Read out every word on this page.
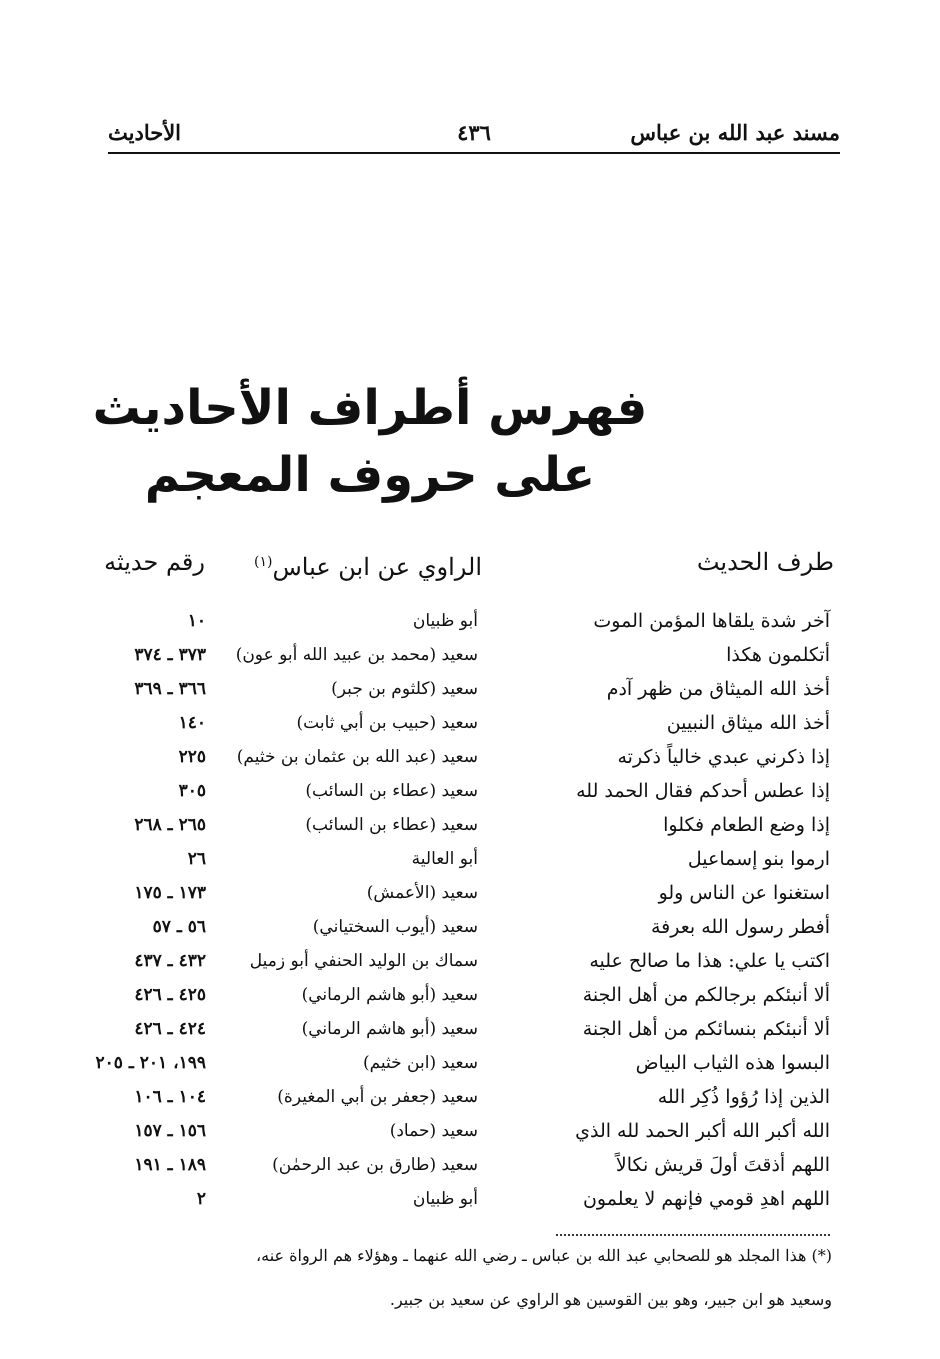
مسند عبد الله بن عباس
٤٣٦
الأحاديث
فهرس أطراف الأحاديث
على حروف المعجم
طرف الحديث
الراوي عن ابن عباس$^{(١)}$
رقم حديثه
آخر شدة يلقاها المؤمن الموت
أبو ظبيان
١٠
أتكلمون هكذا
سعيد (محمد بن عبيد الله أبو عون)
٣٧٣ ـ ٣٧٤
أخذ الله الميثاق من ظهر آدم
سعيد (كلثوم بن جبر)
٣٦٦ ـ ٣٦٩
أخذ الله ميثاق النبيين
سعيد (حبيب بن أبي ثابت)
١٤٠
إذا ذكرني عبدي خالياً ذكرته
سعيد (عبد الله بن عثمان بن خثيم)
٢٢٥
إذا عطس أحدكم فقال الحمد لله
سعيد (عطاء بن السائب)
٣٠٥
إذا وضع الطعام فكلوا
سعيد (عطاء بن السائب)
٢٦٥ ـ ٢٦٨
ارموا بنو إسماعيل
أبو العالية
٢٦
استغنوا عن الناس ولو
سعيد (الأعمش)
١٧٣ ـ ١٧٥
أفطر رسول الله بعرفة
سعيد (أيوب السختياني)
٥٦ ـ ٥٧
اكتب يا علي: هذا ما صالح عليه
سماك بن الوليد الحنفي أبو زميل
٤٣٢ ـ ٤٣٧
ألا أنبئكم برجالكم من أهل الجنة
سعيد (أبو هاشم الرماني)
٤٢٥ ـ ٤٢٦
ألا أنبئكم بنسائكم من أهل الجنة
سعيد (أبو هاشم الرماني)
٤٢٤ ـ ٤٢٦
البسوا هذه الثياب البياض
سعيد (ابن خثيم)
١٩٩، ٢٠١ ـ ٢٠٥
الذين إذا رُؤوا ذُكِر الله
سعيد (جعفر بن أبي المغيرة)
١٠٤ ـ ١٠٦
الله أكبر الله أكبر الحمد لله الذي
سعيد (حماد)
١٥٦ ـ ١٥٧
اللهم أذقتَ أولَ قريش نكالاً
سعيد (طارق بن عبد الرحمٰن)
١٨٩ ـ ١٩١
اللهم اهدِ قومي فإنهم لا يعلمون
أبو ظبيان
٢
(*) هذا المجلد هو للصحابي عبد الله بن عباس ـ رضي الله عنهما ـ وهؤلاء هم الرواة عنه،
وسعيد هو ابن جبير، وهو بين القوسين هو الراوي عن سعيد بن جبير.
